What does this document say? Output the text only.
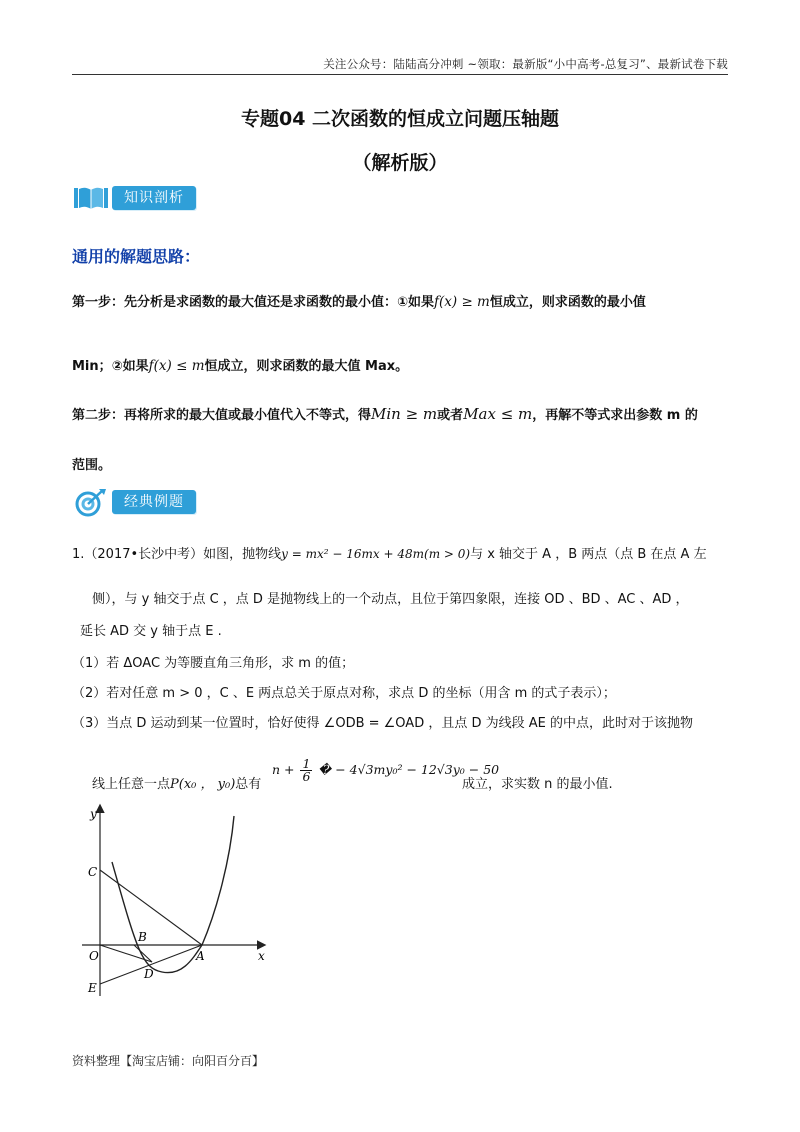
关注公众号：陆陆高分冲刺 ~领取：最新版“小中高考-总复习”、最新试卷下载
专题04 二次函数的恒成立问题压轴题
（解析版）
知识剖析
通用的解题思路：
第一步：先分析是求函数的最大值还是求函数的最小值：①如果f(x) ≥ m恒成立，则求函数的最小值
Min；②如果f(x) ≤ m恒成立，则求函数的最大值 Max。
第二步：再将所求的最大值或最小值代入不等式，得Min ≥ m或者Max ≤ m，再解不等式求出参数 m 的
范围。
经典例题
1.（2017•长沙中考）如图，抛物线y = mx² − 16mx + 48m(m > 0)与 x 轴交于 A ，B 两点（点 B 在点 A 左
侧），与 y 轴交于点 C ，点 D 是抛物线上的一个动点，且位于第四象限，连接 OD 、BD 、AC 、AD ，
延长 AD 交 y 轴于点 E .
（1）若 ΔOAC 为等腰直角三角形，求 m 的值；
（2）若对任意 m > 0 ，C 、E 两点总关于原点对称，求点 D 的坐标（用含 m 的式子表示）；
（3）当点 D 运动到某一位置时，恰好使得 ∠ODB = ∠OAD ，且点 D 为线段 AE 的中点，此时对于该抛物
线上任意一点P(x₀ ， y₀)总有
$n + \frac{1}{6}$ � − 4√3my₀² − 12√3y₀ − 50
成立，求实数 n 的最小值.
y
x
C
B
O
D
A
E
资料整理【淘宝店铺：向阳百分百】
